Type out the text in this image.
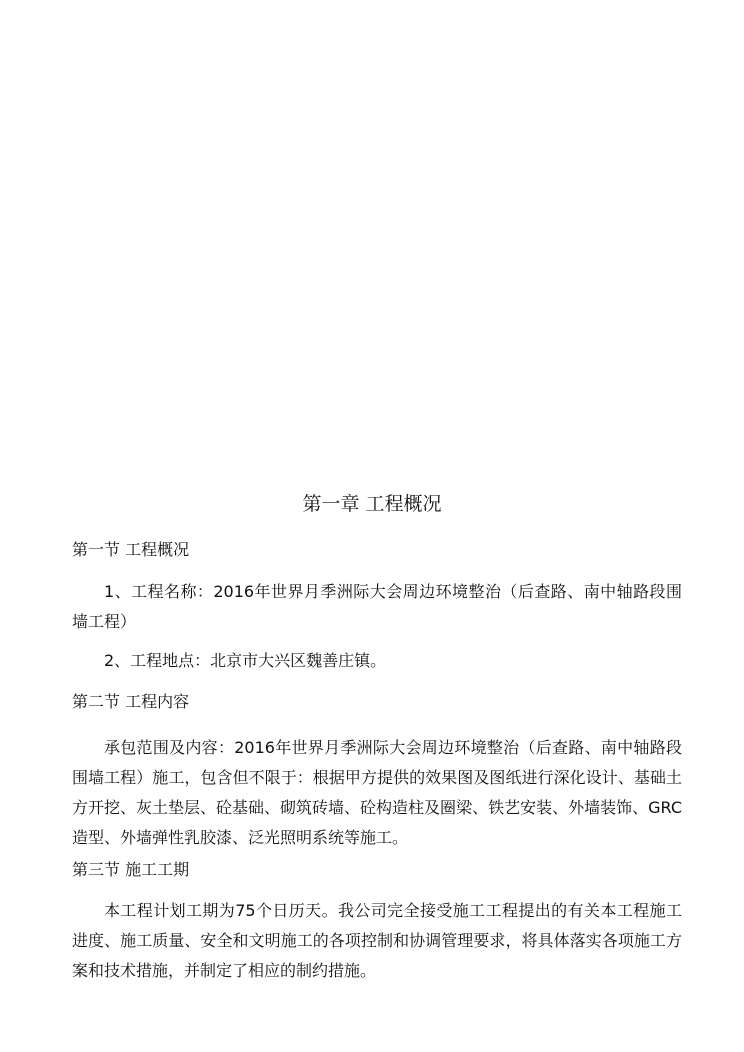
第一章 工程概况
第一节 工程概况

1、工程名称：2016年世界月季洲际大会周边环境整治（后查路、南中轴路段围墙工程）

2、工程地点：北京市大兴区魏善庄镇。

第二节 工程内容

承包范围及内容：2016年世界月季洲际大会周边环境整治（后查路、南中轴路段围墙工程）施工，包含但不限于：根据甲方提供的效果图及图纸进行深化设计、基础土方开挖、灰土垫层、砼基础、砌筑砖墙、砼构造柱及圈梁、铁艺安装、外墙装饰、GRC造型、外墙弹性乳胶漆、泛光照明系统等施工。

第三节 施工工期

本工程计划工期为75个日历天。我公司完全接受施工工程提出的有关本工程施工进度、施工质量、安全和文明施工的各项控制和协调管理要求，将具体落实各项施工方案和技术措施，并制定了相应的制约措施。
